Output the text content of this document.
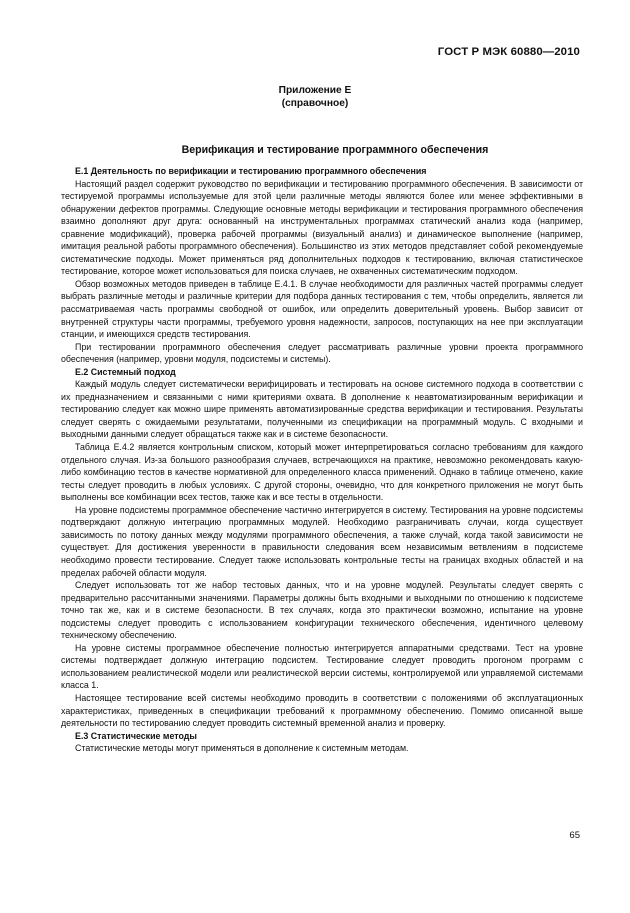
ГОСТ Р МЭК 60880—2010
Приложение Е
(справочное)
Верификация и тестирование программного обеспечения
Е.1 Деятельность по верификации и тестированию программного обеспечения

Настоящий раздел содержит руководство по верификации и тестированию программного обеспечения. В зависимости от тестируемой программы используемые для этой цели различные методы являются более или менее эффективными в обнаружении дефектов программы. Следующие основные методы верификации и тестирования программного обеспечения взаимно дополняют друг друга: основанный на инструментальных программах статический анализ кода (например, сравнение модификаций), проверка рабочей программы (визуальный анализ) и динамическое выполнение (например, имитация реальной работы программного обеспечения). Большинство из этих методов представляет собой рекомендуемые систематические подходы. Может применяться ряд дополнительных подходов к тестированию, включая статистическое тестирование, которое может использоваться для поиска случаев, не охваченных систематическим подходом.

Обзор возможных методов приведен в таблице Е.4.1. В случае необходимости для различных частей программы следует выбрать различные методы и различные критерии для подбора данных тестирования с тем, чтобы определить, является ли рассматриваемая часть программы свободной от ошибок, или определить доверительный уровень. Выбор зависит от внутренней структуры части программы, требуемого уровня надежности, запросов, поступающих на нее при эксплуатации станции, и имеющихся средств тестирования.

При тестировании программного обеспечения следует рассматривать различные уровни проекта программного обеспечения (например, уровни модуля, подсистемы и системы).

Е.2 Системный подход

Каждый модуль следует систематически верифицировать и тестировать на основе системного подхода в соответствии с их предназначением и связанными с ними критериями охвата. В дополнение к неавтоматизированным верификации и тестированию следует как можно шире применять автоматизированные средства верификации и тестирования. Результаты следует сверять с ожидаемыми результатами, полученными из спецификации на программный модуль. С входными и выходными данными следует обращаться также как и в системе безопасности.

Таблица Е.4.2 является контрольным списком, который может интерпретироваться согласно требованиям для каждого отдельного случая. Из-за большого разнообразия случаев, встречающихся на практике, невозможно рекомендовать какую-либо комбинацию тестов в качестве нормативной для определенного класса применений. Однако в таблице отмечено, какие тесты следует проводить в любых условиях. С другой стороны, очевидно, что для конкретного приложения не могут быть выполнены все комбинации всех тестов, также как и все тесты в отдельности.

На уровне подсистемы программное обеспечение частично интегрируется в систему. Тестирования на уровне подсистемы подтверждают должную интеграцию программных модулей. Необходимо разграничивать случаи, когда существует зависимость по потоку данных между модулями программного обеспечения, а также случай, когда такой зависимости не существует. Для достижения уверенности в правильности следования всем независимым ветвлениям в подсистеме необходимо провести тестирование. Следует также использовать контрольные тесты на границах входных областей и на пределах рабочей области модуля.

Следует использовать тот же набор тестовых данных, что и на уровне модулей. Результаты следует сверять с предварительно рассчитанными значениями. Параметры должны быть входными и выходными по отношению к подсистеме точно так же, как и в системе безопасности. В тех случаях, когда это практически возможно, испытание на уровне подсистемы следует проводить с использованием конфигурации технического обеспечения, идентичного целевому техническому обеспечению.

На уровне системы программное обеспечение полностью интегрируется аппаратными средствами. Тест на уровне системы подтверждает должную интеграцию подсистем. Тестирование следует проводить прогоном программ с использованием реалистической модели или реалистической версии системы, контролируемой или управляемой системами класса 1.

Настоящее тестирование всей системы необходимо проводить в соответствии с положениями об эксплуатационных характеристиках, приведенных в спецификации требований к программному обеспечению. Помимо описанной выше деятельности по тестированию следует проводить системный временной анализ и проверку.

Е.3 Статистические методы

Статистические методы могут применяться в дополнение к системным методам.

65
